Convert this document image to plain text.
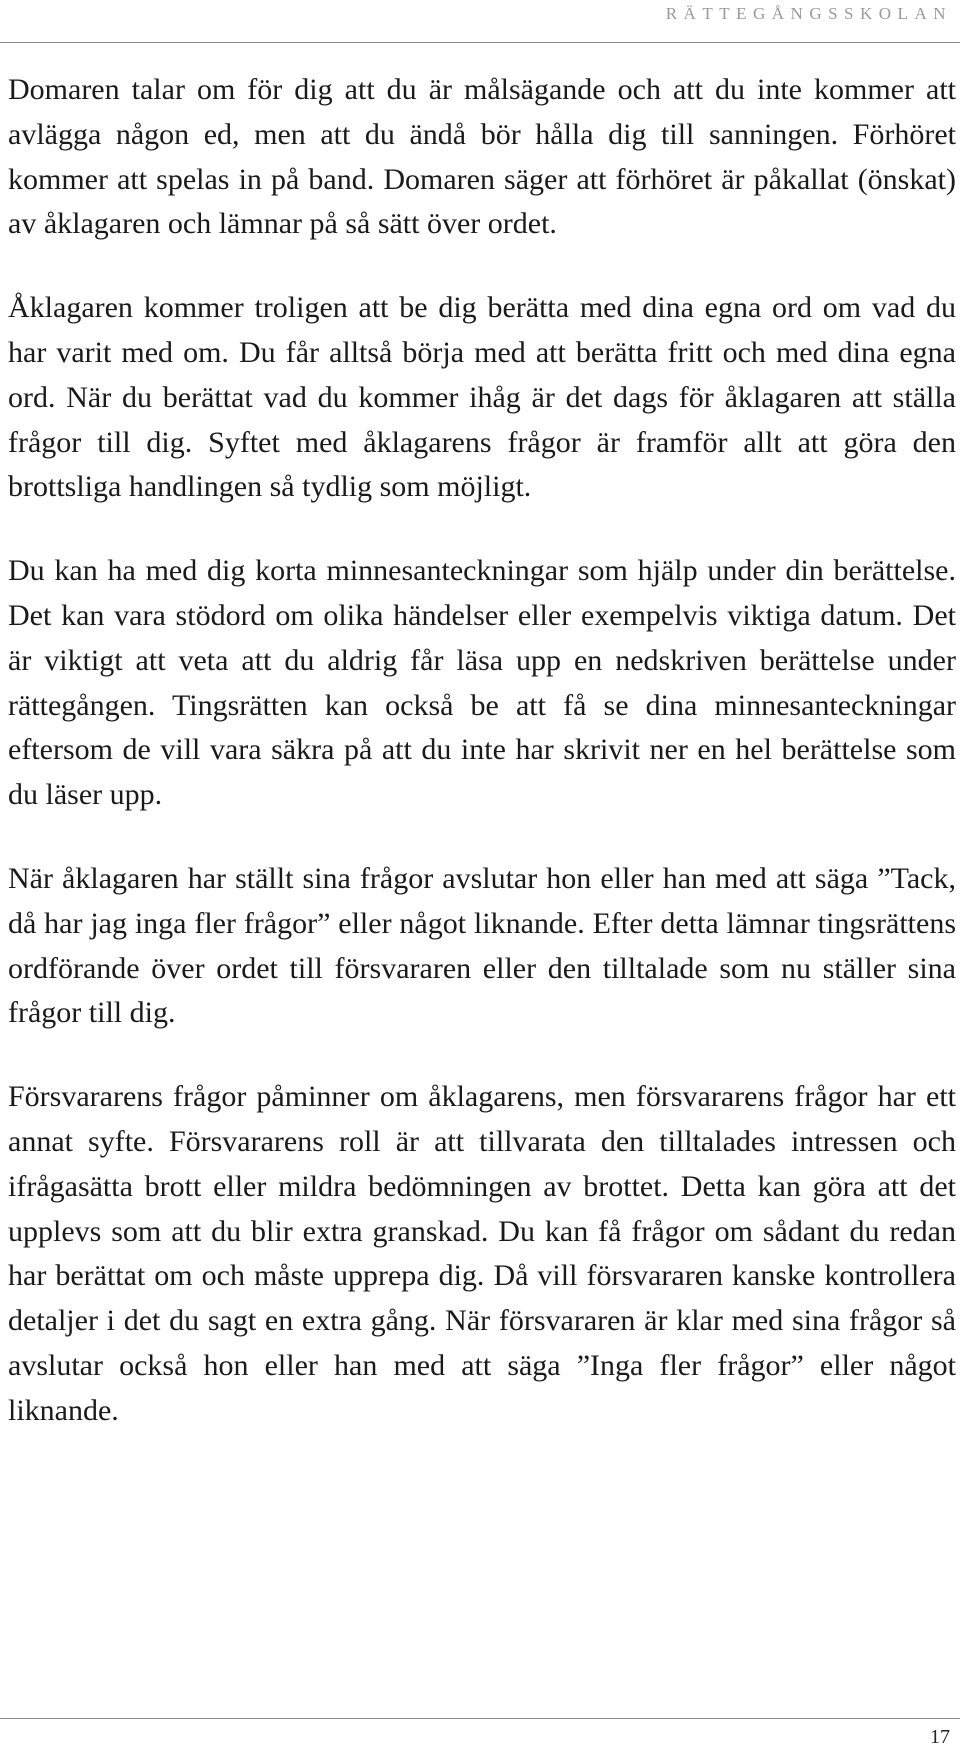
RÄTTEGÅNGSSKOLAN

Domaren talar om för dig att du är målsägande och att du inte kommer att avlägga någon ed, men att du ändå bör hålla dig till sanningen. Förhöret kommer att spelas in på band. Domaren säger att förhöret är påkallat (önskat) av åklagaren och lämnar på så sätt över ordet.

Åklagaren kommer troligen att be dig berätta med dina egna ord om vad du har varit med om. Du får alltså börja med att berätta fritt och med dina egna ord. När du berättat vad du kommer ihåg är det dags för åklagaren att ställa frågor till dig. Syftet med åklagarens frågor är framför allt att göra den brottsliga handlingen så tydlig som möjligt.

Du kan ha med dig korta minnesanteckningar som hjälp under din berättelse. Det kan vara stödord om olika händelser eller exempelvis viktiga datum. Det är viktigt att veta att du aldrig får läsa upp en nedskriven berättelse under rättegången. Tingsrätten kan också be att få se dina minnesanteckningar eftersom de vill vara säkra på att du inte har skrivit ner en hel berättelse som du läser upp.

När åklagaren har ställt sina frågor avslutar hon eller han med att säga ”Tack, då har jag inga fler frågor” eller något liknande. Efter detta lämnar tingsrättens ordförande över ordet till försvararen eller den tilltalade som nu ställer sina frågor till dig.

Försvararens frågor påminner om åklagarens, men försvararens frågor har ett annat syfte. Försvararens roll är att tillvarata den tilltalades intressen och ifrågasätta brott eller mildra bedömningen av brottet. Detta kan göra att det upplevs som att du blir extra granskad. Du kan få frågor om sådant du redan har berättat om och måste upprepa dig. Då vill försvararen kanske kontrollera detaljer i det du sagt en extra gång. När försvararen är klar med sina frågor så avslutar också hon eller han med att säga ”Inga fler frågor” eller något liknande.

17
